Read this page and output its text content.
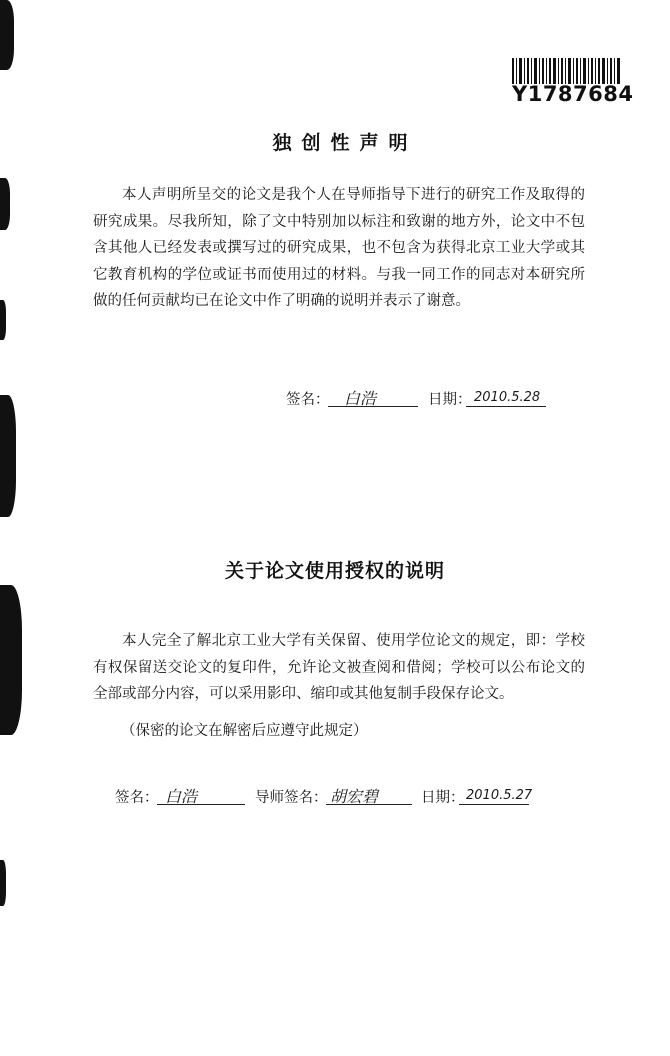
Y1787684
独创性声明

本人声明所呈交的论文是我个人在导师指导下进行的研究工作及取得的研究成果。尽我所知，除了文中特别加以标注和致谢的地方外，论文中不包含其他人已经发表或撰写过的研究成果，也不包含为获得北京工业大学或其它教育机构的学位或证书而使用过的材料。与我一同工作的同志对本研究所做的任何贡献均已在论文中作了明确的说明并表示了谢意。

签名： 白浩	日期： 2010.5.28
关于论文使用授权的说明

本人完全了解北京工业大学有关保留、使用学位论文的规定，即：学校有权保留送交论文的复印件，允许论文被查阅和借阅；学校可以公布论文的全部或部分内容，可以采用影印、缩印或其他复制手段保存论文。

（保密的论文在解密后应遵守此规定）
签名： 白浩	导师签名： 胡宏碧	日期： 2010.5.27
